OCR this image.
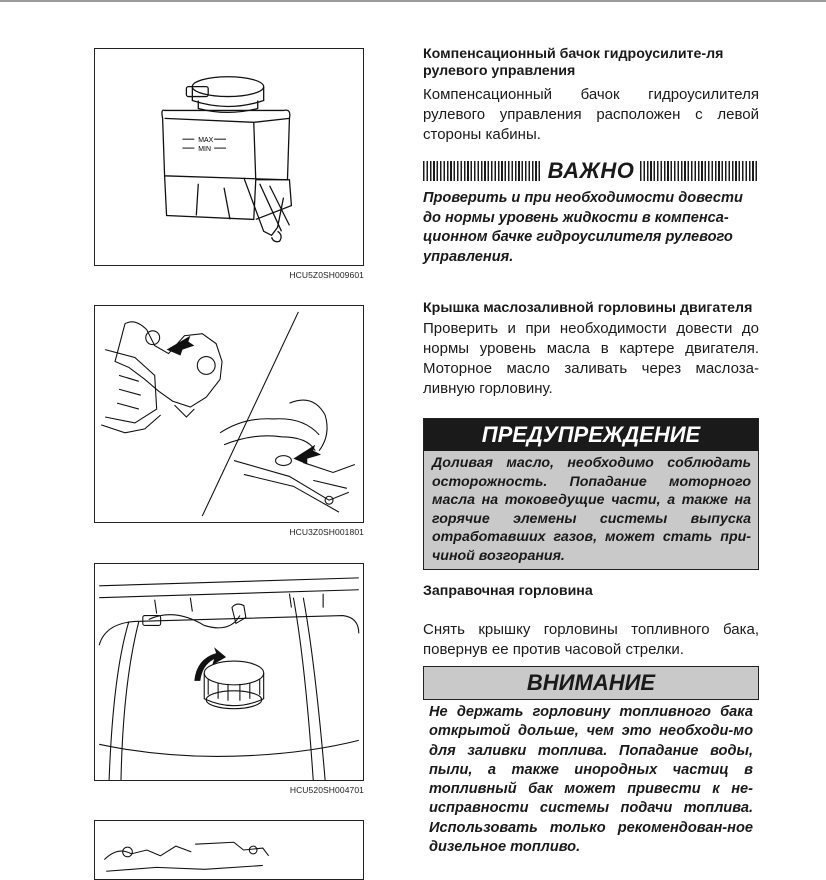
MAX
MIN
HCU5Z0SH009601
HCU3Z0SH001801
HCU520SH004701

Компенсационный бачок гидроусилите-ля рулевого управления

Компенсационный бачок гидроусилителя рулевого управления расположен с левой стороны кабины.

ВАЖНО

Проверить и при необходимости довести до нормы уровень жидкости в компенса-ционном бачке гидроусилителя рулевого управления.

Крышка маслозаливной горловины двигателя

Проверить и при необходимости довести до нормы уровень масла в картере двигателя. Моторное масло заливать через маслоза-ливную горловину.

ПРЕДУПРЕЖДЕНИЕ

Доливая масло, необходимо соблюдать осторожность. Попадание моторного масла на токоведущие части, а также на горячие элемены системы выпуска отработавших газов, может стать при-чиной возгорания.

Заправочная горловина

Снять крышку горловины топливного бака, повернув ее против часовой стрелки.

ВНИМАНИЕ

Не держать горловину топливного бака открытой дольше, чем это необходи-мо для заливки топлива. Попадание воды, пыли, а также инородных частиц в топливный бак может привести к не-исправности системы подачи топлива. Использовать только рекомендован-ное дизельное топливо.
